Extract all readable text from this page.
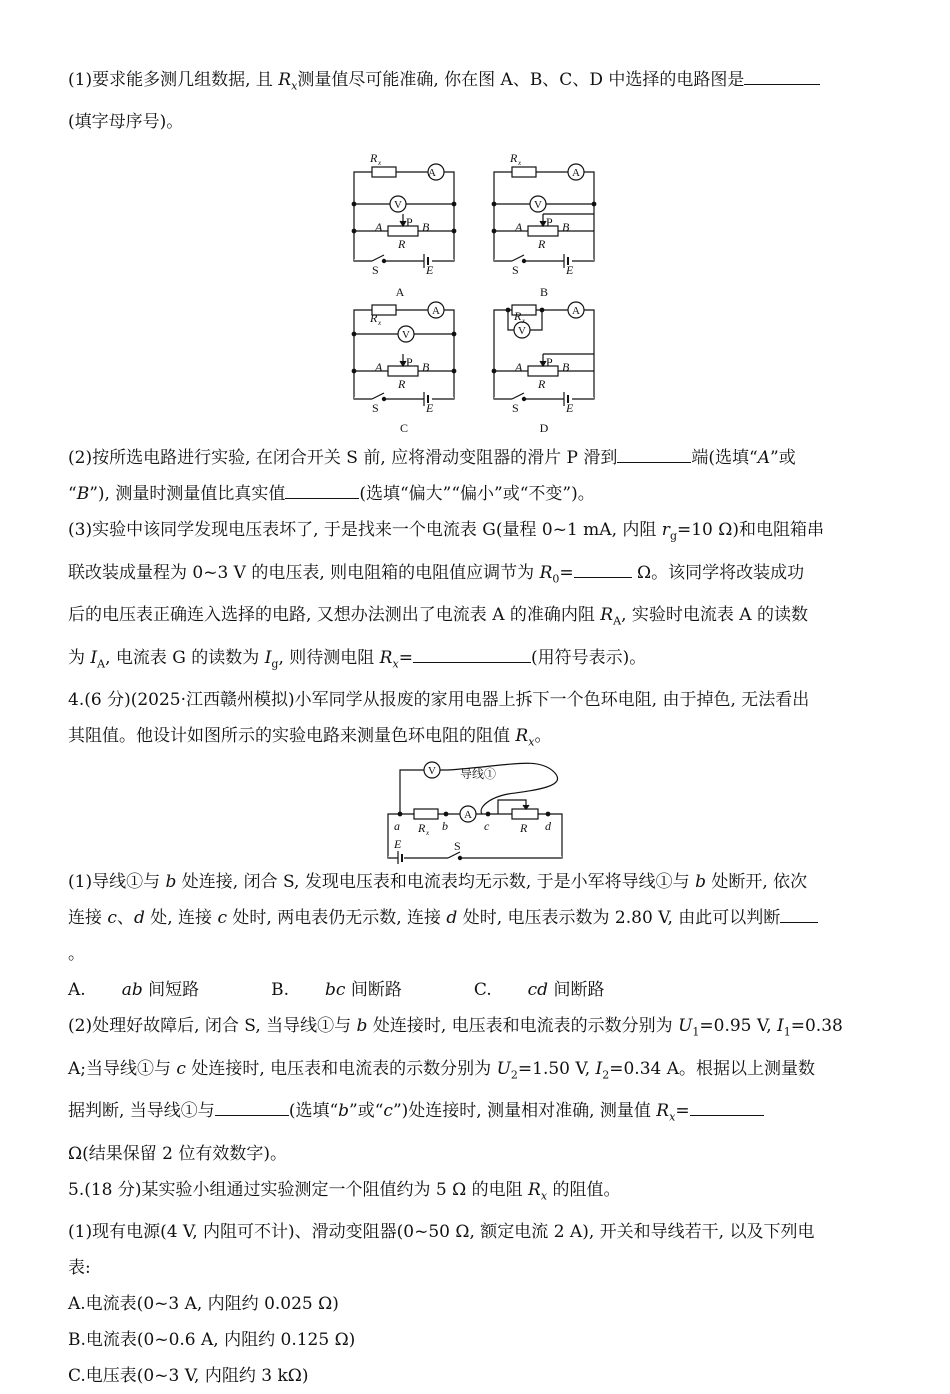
(1)要求能多测几组数据, 且 $R_x$测量值尽可能准确, 你在图 A、B、C、D 中选择的电路图是
(填字母序号)。

R x
A
V
A P B
R
S	E
A
R x
A
V
A P B
R
S	E
B
R x
A
V
A P B
R
S	E
C
R x
A
V
A P B
R
S	E
D

(2)按所选电路进行实验, 在闭合开关 S 前, 应将滑动变阻器的滑片 P 滑到	端(选填“A”或
“B”), 测量时测量值比真实值	(选填“偏大”“偏小”或“不变”)。

(3)实验中该同学发现电压表坏了, 于是找来一个电流表 G(量程 0~1 mA, 内阻 $r_g=10$ Ω)和电阻箱串
联改装成量程为 0~3 V 的电压表, 则电阻箱的电阻值应调节为 $R_0=$	Ω。该同学将改装成功
后的电压表正确连入选择的电路, 又想办法测出了电流表 A 的准确内阻 $R_A$, 实验时电流表 A 的读数
为 $I_A$, 电流表 G 的读数为 $I_g$, 则待测电阻 $R_x=$	(用符号表示)。

4.(6 分)(2025·江西赣州模拟)小军同学从报废的家用电器上拆下一个色环电阻, 由于掉色, 无法看出
其阻值。他设计如图所示的实验电路来测量色环电阻的阻值 $R_x$。

V 导线①
A
a R x b	c	R d
E	S

(1)导线①与 b 处连接, 闭合 S, 发现电压表和电流表均无示数, 于是小军将导线①与 b 处断开, 依次
连接 c、d 处, 连接 c 处时, 两电表仍无示数, 连接 d 处时, 电压表示数为 2.80 V, 由此可以判断
。

A. ab 间短路	B. bc 间断路	C. cd 间断路

(2)处理好故障后, 闭合 S, 当导线①与 b 处连接时, 电压表和电流表的示数分别为 $U_1=0.95$ V, $I_1=0.38$
A;当导线①与 c 处连接时, 电压表和电流表的示数分别为 $U_2=1.50$ V, $I_2=0.34$ A。根据以上测量数
据判断, 当导线①与	(选填“b”或“c”)处连接时, 测量相对准确, 测量值 $R_x=$
Ω(结果保留 2 位有效数字)。

5.(18 分)某实验小组通过实验测定一个阻值约为 5 Ω 的电阻 $R_x$ 的阻值。

(1)现有电源(4 V, 内阻可不计)、滑动变阻器(0~50 Ω, 额定电流 2 A), 开关和导线若干, 以及下列电
表:

A.电流表(0~3 A, 内阻约 0.025 Ω)

B.电流表(0~0.6 A, 内阻约 0.125 Ω)

C.电压表(0~3 V, 内阻约 3 kΩ)
